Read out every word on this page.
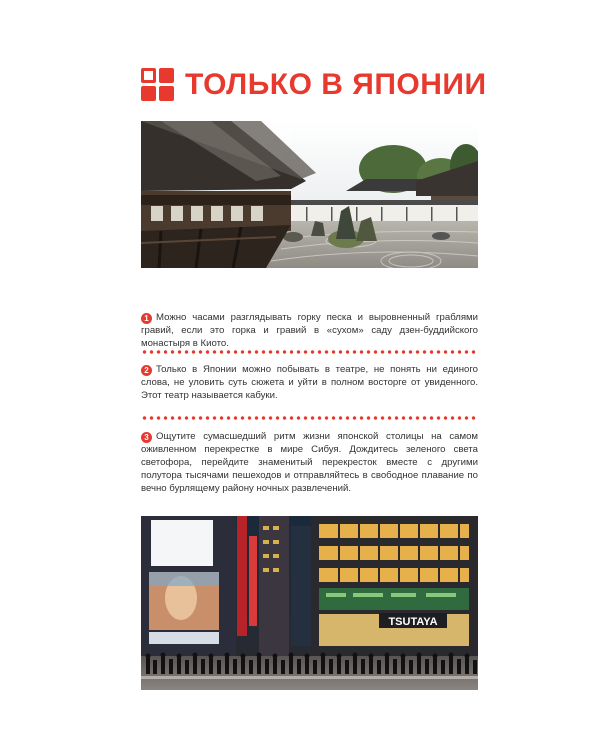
ТОЛЬКО В ЯПОНИИ

1 Можно часами разглядывать горку песка и выровненный граблями гравий, если это горка и гравий в «сухом» саду дзен-буддийского монастыря в Киото.

2 Только в Японии можно побывать в театре, не понять ни единого слова, не уловить суть сюжета и уйти в полном восторге от увиденного. Этот театр называется кабуки.

3 Ощутите сумасшедший ритм жизни японской столицы на самом оживленном перекрестке в мире Сибуя. Дождитесь зеленого света светофора, перейдите знаменитый перекресток вместе с другими полутора тысячами пешеходов и отправляйтесь в свободное плавание по вечно бурлящему району ночных развлечений.

TSUTAYA
